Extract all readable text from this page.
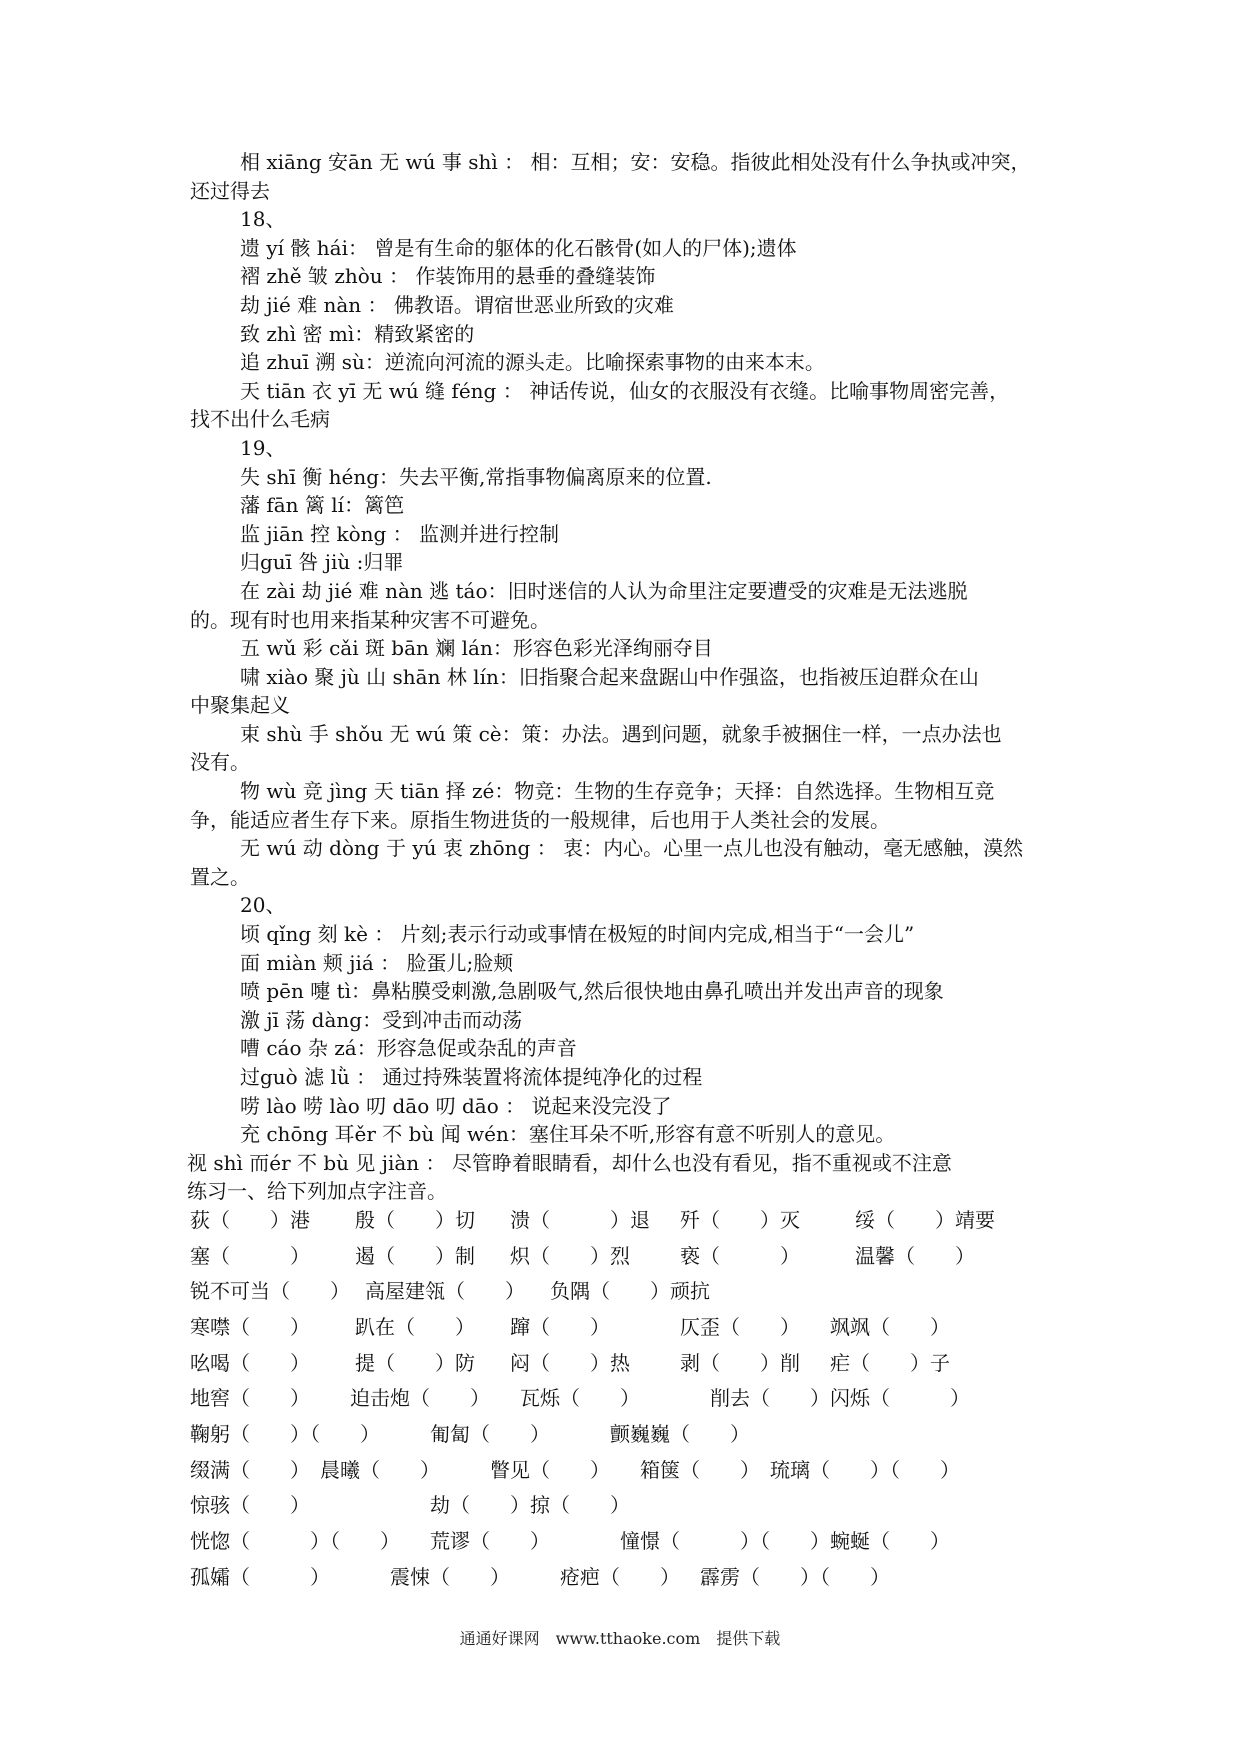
相 xiāng 安ān 无 wú 事 shì ： 相：互相；安：安稳。指彼此相处没有什么争执或冲突，
还过得去
18、
遗 yí 骸 hái： 曾是有生命的躯体的化石骸骨(如人的尸体);遗体
褶 zhě 皱 zhòu ： 作装饰用的悬垂的叠缝装饰
劫 jié 难 nàn ： 佛教语。谓宿世恶业所致的灾难
致 zhì 密 mì：精致紧密的
追 zhuī 溯 sù：逆流向河流的源头走。比喻探索事物的由来本末。
天 tiān 衣 yī 无 wú 缝 féng ： 神话传说，仙女的衣服没有衣缝。比喻事物周密完善，
找不出什么毛病
19、
失 shī 衡 héng：失去平衡,常指事物偏离原来的位置.
藩 fān 篱 lí：篱笆
监 jiān 控 kòng ： 监测并进行控制
归guī 咎 jiù :归罪
在 zài 劫 jié 难 nàn 逃 táo：旧时迷信的人认为命里注定要遭受的灾难是无法逃脱
的。现有时也用来指某种灾害不可避免。
五 wǔ 彩 cǎi 斑 bān 斓 lán：形容色彩光泽绚丽夺目
啸 xiào 聚 jù 山 shān 林 lín：旧指聚合起来盘踞山中作强盗，也指被压迫群众在山
中聚集起义
束 shù 手 shǒu 无 wú 策 cè：策：办法。遇到问题，就象手被捆住一样，一点办法也
没有。
物 wù 竞 jìng 天 tiān 择 zé：物竞：生物的生存竞争；天择：自然选择。生物相互竞
争，能适应者生存下来。原指生物进货的一般规律，后也用于人类社会的发展。
无 wú 动 dòng 于 yú 衷 zhōng ： 衷：内心。心里一点儿也没有触动，毫无感触，漠然
置之。
20、
顷 qǐng 刻 kè ： 片刻;表示行动或事情在极短的时间内完成,相当于“一会儿”
面 miàn 颊 jiá ： 脸蛋儿;脸颊
喷 pēn 嚏 tì：鼻粘膜受刺激,急剧吸气,然后很快地由鼻孔喷出并发出声音的现象
激 jī 荡 dàng：受到冲击而动荡
嘈 cáo 杂 zá：形容急促或杂乱的声音
过guò 滤 lǜ ： 通过持殊装置将流体提纯净化的过程
唠 lào 唠 lào 叨 dāo 叨 dāo ： 说起来没完没了
充 chōng 耳ěr 不 bù 闻 wén：塞住耳朵不听,形容有意不听别人的意见。
视 shì 而ér 不 bù 见 jiàn ： 尽管睁着眼睛看，却什么也没有看见，指不重视或不注意
练习一、给下列加点字注音。
荻（　　）港 殷（　　）切 溃（　　　）退 歼（　　）灭	绥（　　）靖要
塞（　　　） 遏（　　）制 炽（　　）烈	亵（　　　）	温馨（　　）
锐不可当（　　） 高屋建瓴（　　） 负隅（　　）顽抗
寒噤（　　） 趴在（　　） 蹿（　　）	仄歪（　　） 飒飒（　　）
吆喝（　　） 提（　　）防 闷（　　）热	剥（　　）削 疟（　　）子
地窖（　　） 迫击炮（　　） 瓦烁（　　）	削去（　　） 闪烁（　　　）
鞠躬（　　）（　　）	匍匐（　　）	颤巍巍（　　）
缀满（　　） 晨曦（　　）	瞥见（　　） 箱箧（　　） 琉璃（　　）（　　）
惊骇（　　）	劫（　　）掠（　　）
恍惚（　　　）（　　） 荒谬（　　）	憧憬（　　　）（　　） 蜿蜒（　　）
孤孀（　　　）	震悚（　　）	疮疤（　　） 霹雳（　　）（　　）
通通好课网　www.tthaoke.com　提供下载
